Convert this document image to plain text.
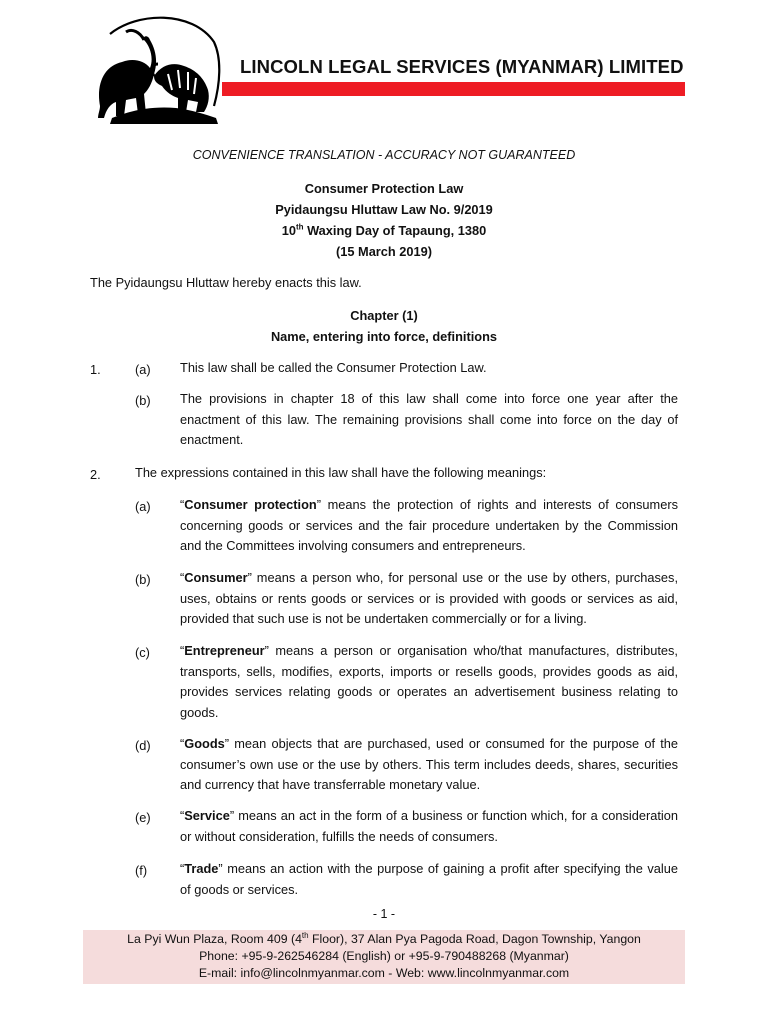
LINCOLN LEGAL SERVICES (MYANMAR) LIMITED
CONVENIENCE TRANSLATION - ACCURACY NOT GUARANTEED
Consumer Protection Law
Pyidaungsu Hluttaw Law No. 9/2019
10th Waxing Day of Tapaung, 1380
(15 March 2019)
The Pyidaungsu Hluttaw hereby enacts this law.
Chapter (1)
Name, entering into force, definitions
1.	(a) This law shall be called the Consumer Protection Law.
(b) The provisions in chapter 18 of this law shall come into force one year after the enactment of this law. The remaining provisions shall come into force on the day of enactment.
2.	The expressions contained in this law shall have the following meanings:
(a) “Consumer protection” means the protection of rights and interests of consumers concerning goods or services and the fair procedure undertaken by the Commission and the Committees involving consumers and entrepreneurs.
(b) “Consumer” means a person who, for personal use or the use by others, purchases, uses, obtains or rents goods or services or is provided with goods or services as aid, provided that such use is not be undertaken commercially or for a living.
(c) “Entrepreneur” means a person or organisation who/that manufactures, distributes, transports, sells, modifies, exports, imports or resells goods, provides goods as aid, provides services relating goods or operates an advertisement business relating to goods.
(d) “Goods” mean objects that are purchased, used or consumed for the purpose of the consumer’s own use or the use by others. This term includes deeds, shares, securities and currency that have transferrable monetary value.
(e) “Service” means an act in the form of a business or function which, for a consideration or without consideration, fulfills the needs of consumers.
(f)	“Trade” means an action with the purpose of gaining a profit after specifying the value of goods or services.
- 1 -
La Pyi Wun Plaza, Room 409 (4th Floor), 37 Alan Pya Pagoda Road, Dagon Township, Yangon
Phone: +95-9-262546284 (English) or +95-9-790488268 (Myanmar)
E-mail: info@lincolnmyanmar.com - Web: www.lincolnmyanmar.com
